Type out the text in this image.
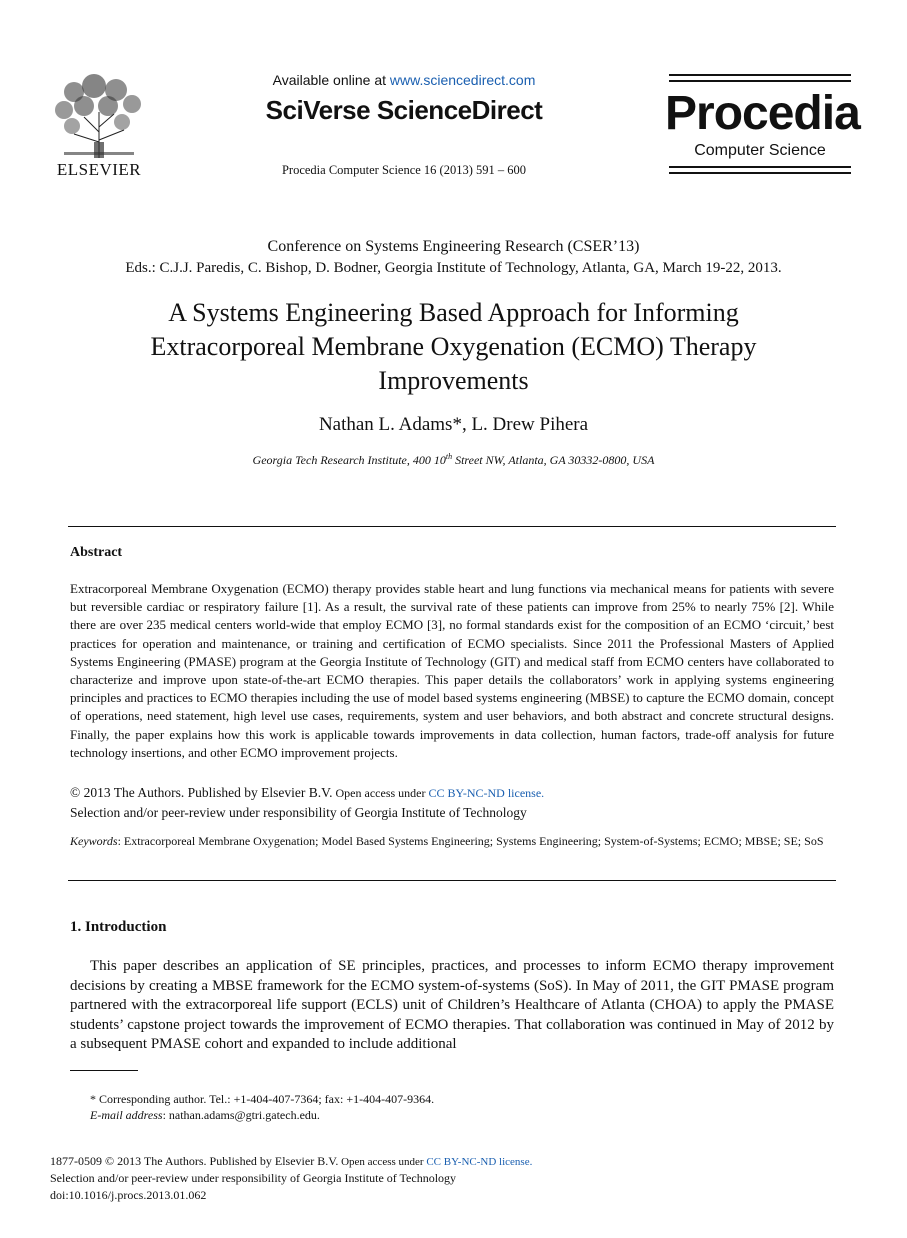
ELSEVIER
Available online at www.sciencedirect.com
SciVerse ScienceDirect
Procedia Computer Science 16 (2013) 591 – 600
Procedia
Computer Science
Conference on Systems Engineering Research (CSER’13)
Eds.: C.J.J. Paredis, C. Bishop, D. Bodner, Georgia Institute of Technology, Atlanta, GA, March 19-22, 2013.
A Systems Engineering Based Approach for Informing
Extracorporeal Membrane Oxygenation (ECMO) Therapy
Improvements
Nathan L. Adams*, L. Drew Pihera
Georgia Tech Research Institute, 400 10th Street NW, Atlanta, GA 30332-0800, USA
Abstract
Extracorporeal Membrane Oxygenation (ECMO) therapy provides stable heart and lung functions via mechanical means for patients with severe but reversible cardiac or respiratory failure [1]. As a result, the survival rate of these patients can improve from 25% to nearly 75% [2]. While there are over 235 medical centers world-wide that employ ECMO [3], no formal standards exist for the composition of an ECMO ‘circuit,’ best practices for operation and maintenance, or training and certification of ECMO specialists. Since 2011 the Professional Masters of Applied Systems Engineering (PMASE) program at the Georgia Institute of Technology (GIT) and medical staff from ECMO centers have collaborated to characterize and improve upon state-of-the-art ECMO therapies. This paper details the collaborators’ work in applying systems engineering principles and practices to ECMO therapies including the use of model based systems engineering (MBSE) to capture the ECMO domain, concept of operations, need statement, high level use cases, requirements, system and user behaviors, and both abstract and concrete structural designs. Finally, the paper explains how this work is applicable towards improvements in data collection, human factors, trade-off analysis for future technology insertions, and other ECMO improvement projects.
© 2013 The Authors. Published by Elsevier B.V. Open access under CC BY-NC-ND license.
Selection and/or peer-review under responsibility of Georgia Institute of Technology
Keywords: Extracorporeal Membrane Oxygenation; Model Based Systems Engineering; Systems Engineering; System-of-Systems; ECMO; MBSE; SE; SoS
1. Introduction
This paper describes an application of SE principles, practices, and processes to inform ECMO therapy improvement decisions by creating a MBSE framework for the ECMO system-of-systems (SoS). In May of 2011, the GIT PMASE program partnered with the extracorporeal life support (ECLS) unit of Children’s Healthcare of Atlanta (CHOA) to apply the PMASE students’ capstone project towards the improvement of ECMO therapies. That collaboration was continued in May of 2012 by a subsequent PMASE cohort and expanded to include additional
* Corresponding author. Tel.: +1-404-407-7364; fax: +1-404-407-9364.
E-mail address: nathan.adams@gtri.gatech.edu.
1877-0509 © 2013 The Authors. Published by Elsevier B.V. Open access under CC BY-NC-ND license.
Selection and/or peer-review under responsibility of Georgia Institute of Technology
doi:10.1016/j.procs.2013.01.062
